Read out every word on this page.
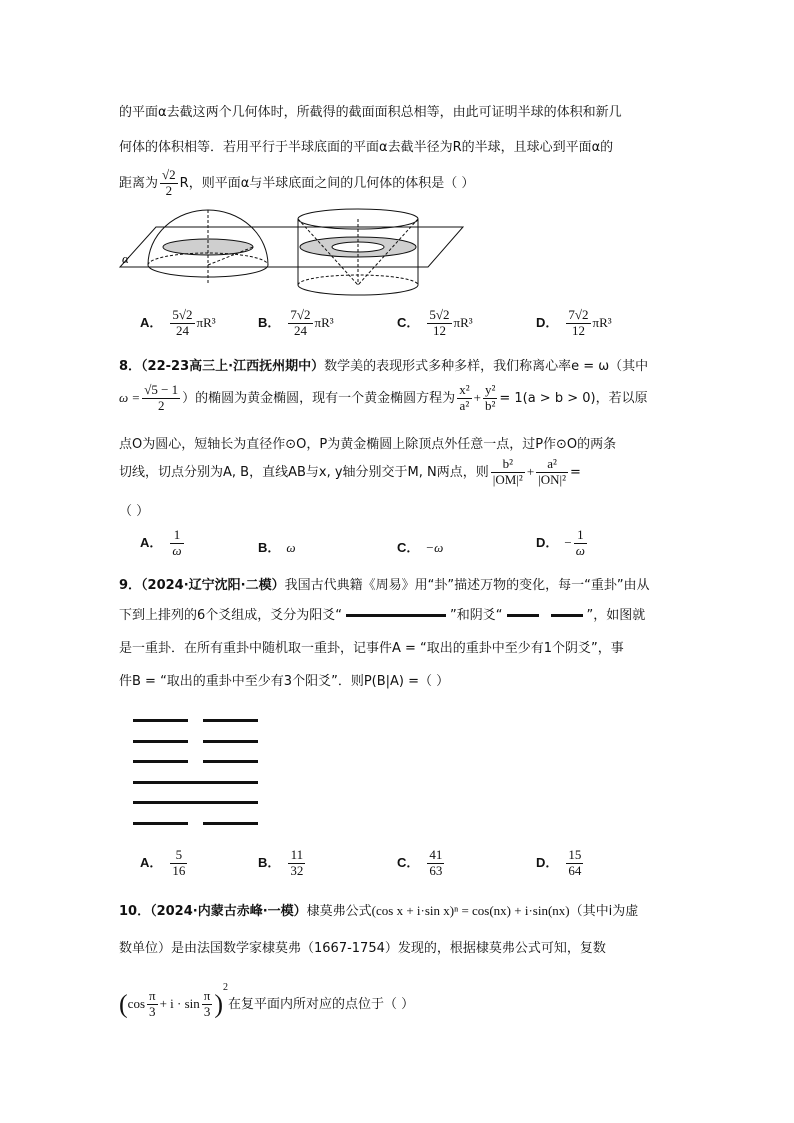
的平面α去截这两个几何体时，所截得的截面面积总相等，由此可证明半球的体积和新几
何体的体积相等．若用平行于半球底面的平面α去截半径为R的半球，且球心到平面α的
距离为 $\frac{√2}{2}$ R，则平面α与半球底面之间的几何体的体积是（ ）
α
A． $\frac{5√2}{24} \pi R^3$	B． $\frac{7√2}{24} \pi R^3$	C． $\frac{5√2}{12} \pi R^3$	D． $\frac{7√2}{12} \pi R^3$
8．（22-23高三上·江西抚州期中）数学美的表现形式多种多样，我们称离心率e = ω（其中
$\omega = \frac{√5 - 1}{2}$ ）的椭圆为黄金椭圆，现有一个黄金椭圆方程为 $\frac{\text{x²}}{\text{a²}} + \frac{\text{y²}}{\text{b²}} = 1(a > b > 0)$，若以原
点O为圆心，短轴长为直径作⊙O，P为黄金椭圆上除顶点外任意一点，过P作⊙O的两条
切线，切点分别为A, B，直线AB与x, y轴分别交于M, N两点，则 $\frac{\text{b²}}{\text{|OM|²}} + \frac{\text{a²}}{\text{|ON|²}}$ =
（ ）
A． $\frac{1}{\omega}$	B． ω	C． −ω	D． − $\frac{1}{\omega}$
9．（2024·辽宁沈阳·二模）我国古代典籍《周易》用“卦”描述万物的变化，每一“重卦”由从
下到上排列的6个爻组成，爻分为阳爻“	”和阴爻“	”，如图就
是一重卦．在所有重卦中随机取一重卦，记事件A = “取出的重卦中至少有1个阴爻”，事
件B = “取出的重卦中至少有3个阳爻”．则P(B|A) =（ ）
A． $\frac{5}{16}$	B． $\frac{11}{32}$	C． $\frac{41}{63}$	D． $\frac{15}{64}$
10．（2024·内蒙古赤峰·一模）棣莫弗公式(cos x + i·sin x)ⁿ = cos(nx) + i·sin(nx)（其中i为虚
数单位）是由法国数学家棣莫弗（1667-1754）发现的，根据棣莫弗公式可知，复数
$(\cos \frac{\pi}{3} + i \cdot \sin \frac{\pi}{3} )^2$在复平面内所对应的点位于（ ）
